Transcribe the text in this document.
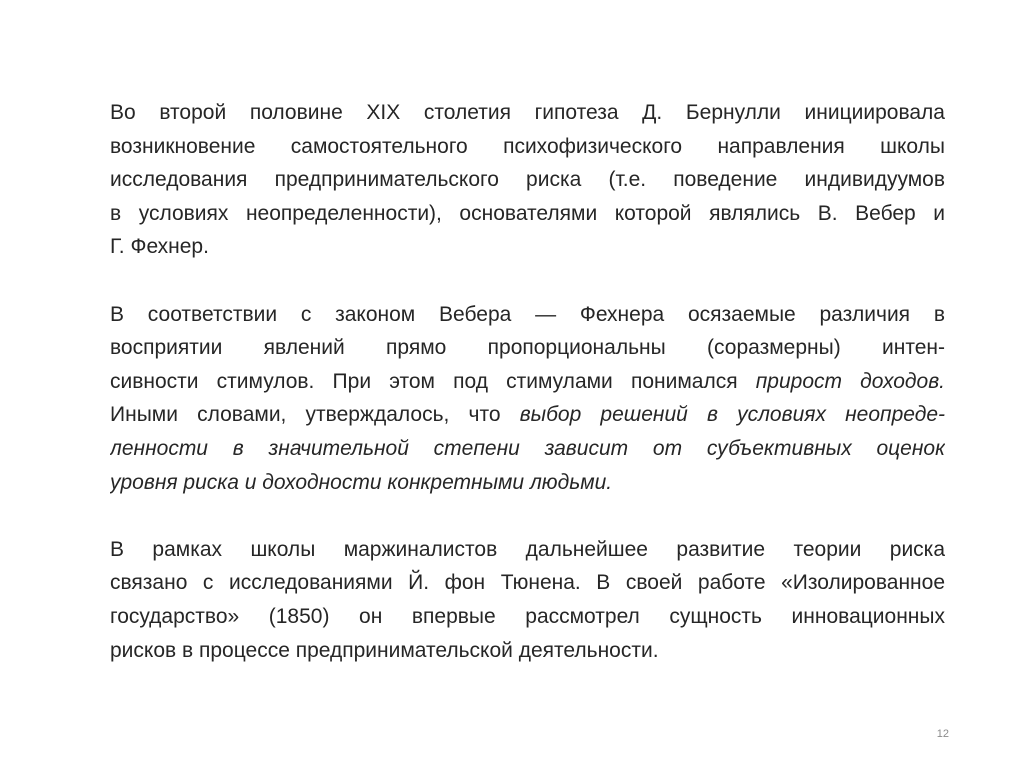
Во второй половине XIX столетия гипотеза Д. Бернулли инициировала
возникновение самостоятельного психофизического направления школы
исследования предпринимательского риска (т.е. поведение индивидуумов
в условиях неопределенности), основателями которой являлись В. Вебер и
Г. Фехнер.
В соответствии с законом Вебера — Фехнера осязаемые различия в
восприятии явлений прямо пропорциональны (соразмерны) интен-
сивности стимулов. При этом под стимулами понимался прирост доходов.
Иными словами, утверждалось, что выбор решений в условиях неопреде-
ленности в значительной степени зависит от субъективных оценок
уровня риска и доходности конкретными людьми.
В рамках школы маржиналистов дальнейшее развитие теории риска
связано с исследованиями Й. фон Тюнена. В своей работе «Изолированное
государство» (1850) он впервые рассмотрел сущность инновационных
рисков в процессе предпринимательской деятельности.
12
